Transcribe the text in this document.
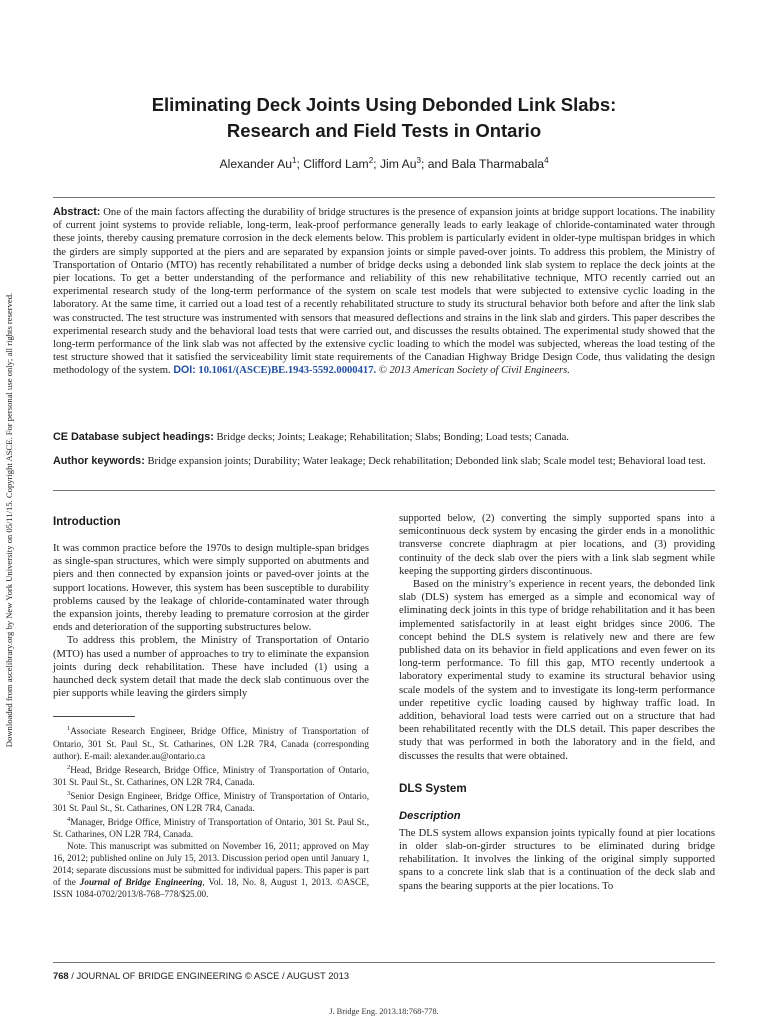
Downloaded from ascelibrary.org by New York University on 05/11/15. Copyright ASCE. For personal use only; all rights reserved.
Eliminating Deck Joints Using Debonded Link Slabs:
Research and Field Tests in Ontario
Alexander Au$^1$; Clifford Lam$^2$; Jim Au$^3$; and Bala Tharmabala$^4$

Abstract: One of the main factors affecting the durability of bridge structures is the presence of expansion joints at bridge support locations. The inability of current joint systems to provide reliable, long-term, leak-proof performance generally leads to early leakage of chloride-contaminated water through these joints, thereby causing premature corrosion in the deck elements below. This problem is particularly evident in older-type multispan bridges in which the girders are simply supported at the piers and are separated by expansion joints or simple paved-over joints. To address this problem, the Ministry of Transportation of Ontario (MTO) has recently rehabilitated a number of bridge decks using a debonded link slab system to replace the deck joints at the pier locations. To get a better understanding of the performance and reliability of this new rehabilitative technique, MTO recently carried out an experimental research study of the long-term performance of the system on scale test models that were subjected to extensive cyclic loading in the laboratory. At the same time, it carried out a load test of a recently rehabilitated structure to study its structural behavior both before and after the link slab was constructed. The test structure was instrumented with sensors that measured deflections and strains in the link slab and girders. This paper describes the experimental research study and the behavioral load tests that were carried out, and discusses the results obtained. The experimental study showed that the long-term performance of the link slab was not affected by the extensive cyclic loading to which the model was subjected, whereas the load testing of the test structure showed that it satisfied the serviceability limit state requirements of the Canadian Highway Bridge Design Code, thus validating the design methodology of the system. DOI: 10.1061/(ASCE)BE.1943-5592.0000417. © 2013 American Society of Civil Engineers.

CE Database subject headings: Bridge decks; Joints; Leakage; Rehabilitation; Slabs; Bonding; Load tests; Canada.

Author keywords: Bridge expansion joints; Durability; Water leakage; Deck rehabilitation; Debonded link slab; Scale model test; Behavioral load test.

Introduction

It was common practice before the 1970s to design multiple-span bridges as single-span structures, which were simply supported on abutments and piers and then connected by expansion joints or paved-over joints at the support locations. However, this system has been susceptible to durability problems caused by the leakage of chloride-contaminated water through the expansion joints, thereby leading to premature corrosion at the girder ends and deterioration of the supporting substructures below.

To address this problem, the Ministry of Transportation of Ontario (MTO) has used a number of approaches to try to eliminate the expansion joints during deck rehabilitation. These have included (1) using a haunched deck system detail that made the deck slab continuous over the pier supports while leaving the girders simply

$^1$Associate Research Engineer, Bridge Office, Ministry of Transportation of Ontario, 301 St. Paul St., St. Catharines, ON L2R 7R4, Canada (corresponding author). E-mail: alexander.au@ontario.ca

$^2$Head, Bridge Research, Bridge Office, Ministry of Transportation of Ontario, 301 St. Paul St., St. Catharines, ON L2R 7R4, Canada.

$^3$Senior Design Engineer, Bridge Office, Ministry of Transportation of Ontario, 301 St. Paul St., St. Catharines, ON L2R 7R4, Canada.

$^4$Manager, Bridge Office, Ministry of Transportation of Ontario, 301 St. Paul St., St. Catharines, ON L2R 7R4, Canada.

Note. This manuscript was submitted on November 16, 2011; approved on May 16, 2012; published online on July 15, 2013. Discussion period open until January 1, 2014; separate discussions must be submitted for individual papers. This paper is part of the Journal of Bridge Engineering, Vol. 18, No. 8, August 1, 2013. ©ASCE, ISSN 1084-0702/2013/8-768–778/$25.00.

supported below, (2) converting the simply supported spans into a semicontinuous deck system by encasing the girder ends in a monolithic transverse concrete diaphragm at pier locations, and (3) providing continuity of the deck slab over the piers with a link slab segment while keeping the supporting girders discontinuous.

Based on the ministry’s experience in recent years, the debonded link slab (DLS) system has emerged as a simple and economical way of eliminating deck joints in this type of bridge rehabilitation and it has been implemented satisfactorily in at least eight bridges since 2006. The concept behind the DLS system is relatively new and there are few published data on its behavior in field applications and even fewer on its long-term performance. To fill this gap, MTO recently undertook a laboratory experimental study to examine its structural behavior using scale models of the system and to investigate its long-term performance under repetitive cyclic loading caused by highway traffic load. In addition, behavioral load tests were carried out on a structure that had been rehabilitated recently with the DLS detail. This paper describes the study that was performed in both the laboratory and in the field, and discusses the results that were obtained.

DLS System
Description

The DLS system allows expansion joints typically found at pier locations in older slab-on-girder structures to be eliminated during bridge rehabilitation. It involves the linking of the original simply supported spans to a concrete link slab that is a continuation of the deck slab and spans the bearing supports at the pier locations. To

768 / JOURNAL OF BRIDGE ENGINEERING © ASCE / AUGUST 2013
J. Bridge Eng. 2013.18:768-778.
